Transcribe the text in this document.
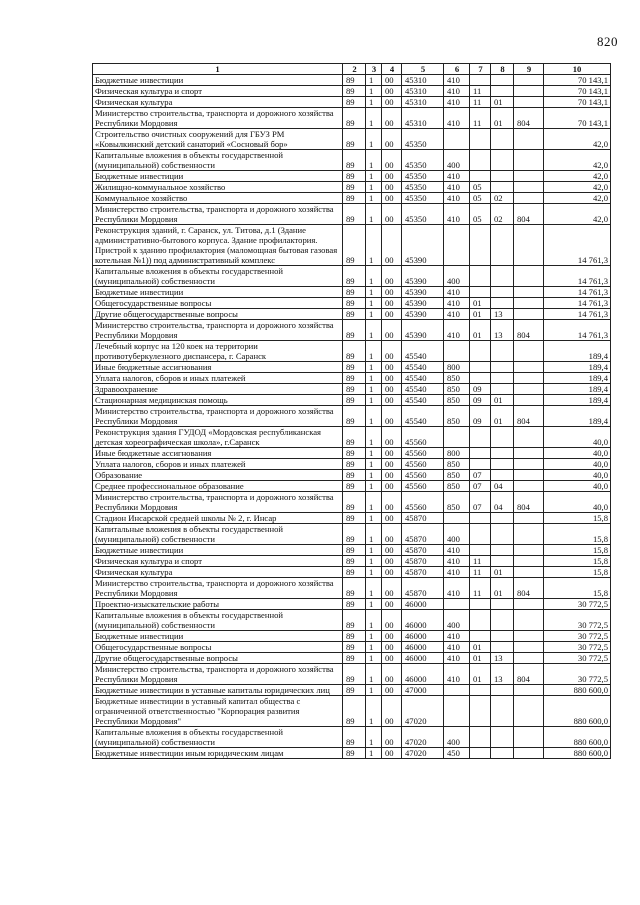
820
1	2	3	4	5	6	7	8	9	10
Бюджетные инвестиции	89	1	00	45310	410				70 143,1
Физическая культура и спорт	89	1	00	45310	410	11			70 143,1
Физическая культура	89	1	00	45310	410	11	01		70 143,1
Министерство строительства, транспорта и дорожного хозяйства Республики Мордовия	89	1	00	45310	410	11	01	804	70 143,1
Строительство очистных сооружений для ГБУЗ РМ «Ковылкинский детский санаторий «Сосновый бор»	89	1	00	45350					42,0
Капитальные вложения в объекты государственной (муниципальной) собственности	89	1	00	45350	400				42,0
Бюджетные инвестиции	89	1	00	45350	410				42,0
Жилищно-коммунальное хозяйство	89	1	00	45350	410	05			42,0
Коммунальное хозяйство	89	1	00	45350	410	05	02		42,0
Министерство строительства, транспорта и дорожного хозяйства Республики Мордовия	89	1	00	45350	410	05	02	804	42,0
Реконструкция зданий, г. Саранск, ул. Титова, д.1 (Здание административно-бытового корпуса. Здание профилактория. Пристрой к зданию профилактория (маломощная бытовая газовая котельная №1)) под административный комплекс	89	1	00	45390					14 761,3
Капитальные вложения в объекты государственной (муниципальной) собственности	89	1	00	45390	400				14 761,3
Бюджетные инвестиции	89	1	00	45390	410				14 761,3
Общегосударственные вопросы	89	1	00	45390	410	01			14 761,3
Другие общегосударственные вопросы	89	1	00	45390	410	01	13		14 761,3
Министерство строительства, транспорта и дорожного хозяйства Республики Мордовия	89	1	00	45390	410	01	13	804	14 761,3
Лечебный корпус на 120 коек на территории противотуберкулезного диспансера, г. Саранск	89	1	00	45540					189,4
Иные бюджетные ассигнования	89	1	00	45540	800				189,4
Уплата налогов, сборов и иных платежей	89	1	00	45540	850				189,4
Здравоохранение	89	1	00	45540	850	09			189,4
Стационарная медицинская помощь	89	1	00	45540	850	09	01		189,4
Министерство строительства, транспорта и дорожного хозяйства Республики Мордовия	89	1	00	45540	850	09	01	804	189,4
Реконструкция здания ГУДОД «Мордовская республиканская детская хореографическая школа», г.Саранск	89	1	00	45560					40,0
Иные бюджетные ассигнования	89	1	00	45560	800				40,0
Уплата налогов, сборов и иных платежей	89	1	00	45560	850				40,0
Образование	89	1	00	45560	850	07			40,0
Среднее профессиональное образование	89	1	00	45560	850	07	04		40,0
Министерство строительства, транспорта и дорожного хозяйства Республики Мордовия	89	1	00	45560	850	07	04	804	40,0
Стадион Инсарской средней школы № 2, г. Инсар	89	1	00	45870					15,8
Капитальные вложения в объекты государственной (муниципальной) собственности	89	1	00	45870	400				15,8
Бюджетные инвестиции	89	1	00	45870	410				15,8
Физическая культура и спорт	89	1	00	45870	410	11			15,8
Физическая культура	89	1	00	45870	410	11	01		15,8
Министерство строительства, транспорта и дорожного хозяйства Республики Мордовия	89	1	00	45870	410	11	01	804	15,8
Проектно-изыскательские работы	89	1	00	46000					30 772,5
Капитальные вложения в объекты государственной (муниципальной) собственности	89	1	00	46000	400				30 772,5
Бюджетные инвестиции	89	1	00	46000	410				30 772,5
Общегосударственные вопросы	89	1	00	46000	410	01			30 772,5
Другие общегосударственные вопросы	89	1	00	46000	410	01	13		30 772,5
Министерство строительства, транспорта и дорожного хозяйства Республики Мордовия	89	1	00	46000	410	01	13	804	30 772,5
Бюджетные инвестиции в уставные капиталы юридических лиц	89	1	00	47000					880 600,0
Бюджетные инвестиции в уставный капитал общества с ограниченной ответственностью "Корпорация развития Республики Мордовия"	89	1	00	47020					880 600,0
Капитальные вложения в объекты государственной (муниципальной) собственности	89	1	00	47020	400				880 600,0
Бюджетные инвестиции иным юридическим лицам	89	1	00	47020	450				880 600,0
